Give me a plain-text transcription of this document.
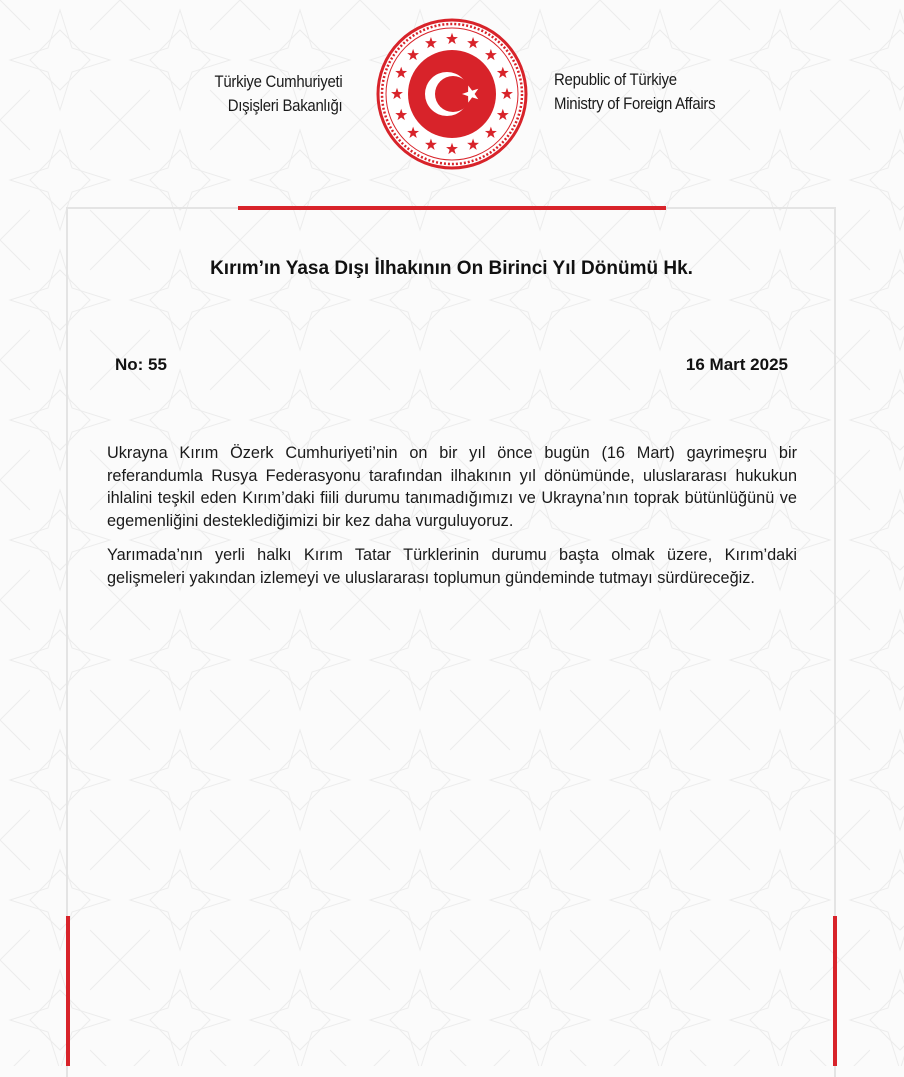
Türkiye Cumhuriyeti
Dışişleri Bakanlığı
Republic of Türkiye
Ministry of Foreign Affairs
Kırım’ın Yasa Dışı İlhakının On Birinci Yıl Dönümü Hk.
No: 55	16 Mart 2025

Ukrayna Kırım Özerk Cumhuriyeti’nin on bir yıl önce bugün (16 Mart) gayrimeşru bir referandumla Rusya Federasyonu tarafından ilhakının yıl dönümünde, uluslararası hukukun ihlalini teşkil eden Kırım’daki fiili durumu tanımadığımızı ve Ukrayna’nın toprak bütünlüğünü ve egemenliğini desteklediğimizi bir kez daha vurguluyoruz.

Yarımada’nın yerli halkı Kırım Tatar Türklerinin durumu başta olmak üzere, Kırım’daki gelişmeleri yakından izlemeyi ve uluslararası toplumun gündeminde tutmayı sürdüreceğiz.
